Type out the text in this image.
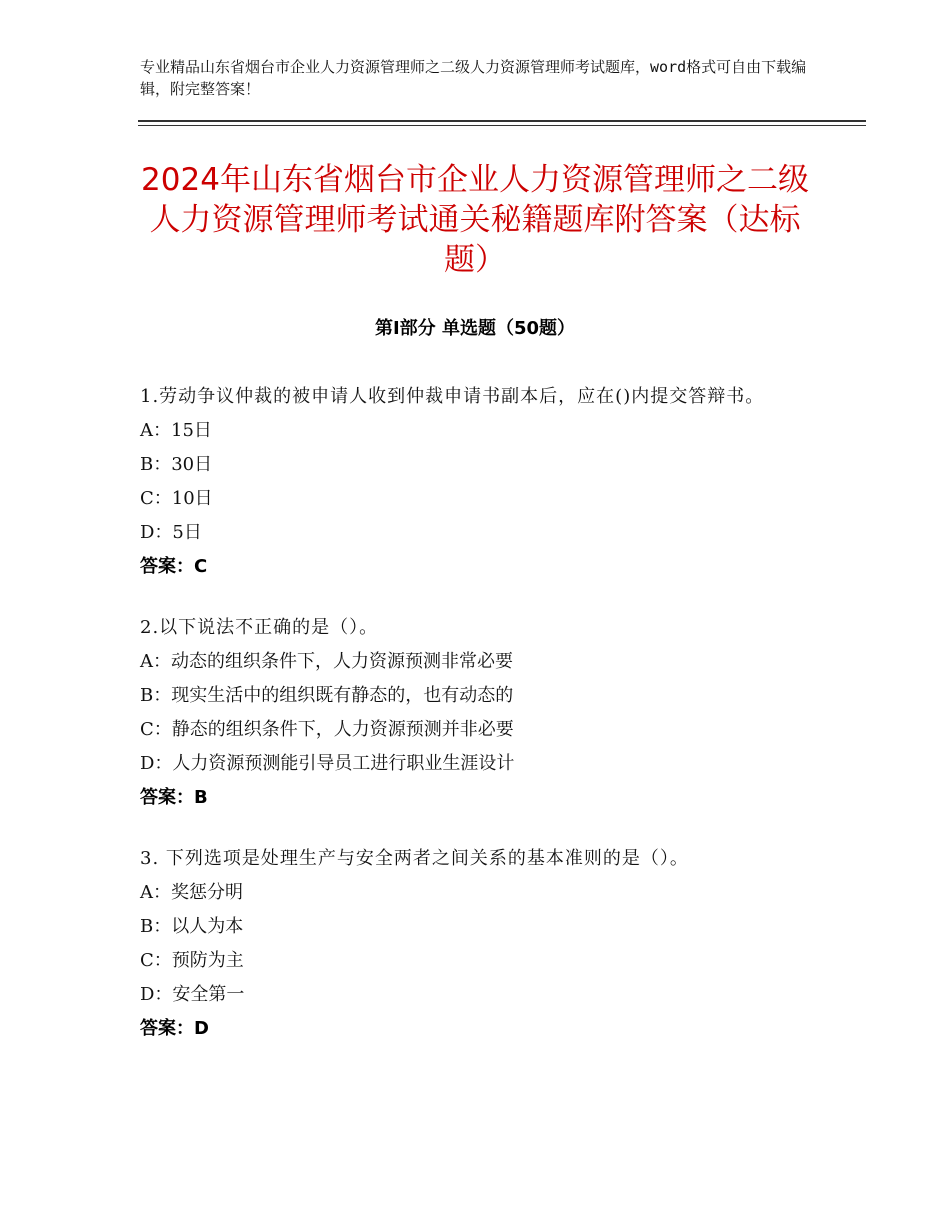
专业精品山东省烟台市企业人力资源管理师之二级人力资源管理师考试题库，word格式可自由下载编辑，附完整答案！
2024年山东省烟台市企业人力资源管理师之二级人力资源管理师考试通关秘籍题库附答案（达标题）
第Ⅰ部分 单选题（50题）

1.劳动争议仲裁的被申请人收到仲裁申请书副本后，应在()内提交答辩书。

A：15日

B：30日

C：10日

D：5日

答案：C

2.以下说法不正确的是（）。

A：动态的组织条件下，人力资源预测非常必要

B：现实生活中的组织既有静态的，也有动态的

C：静态的组织条件下，人力资源预测并非必要

D：人力资源预测能引导员工进行职业生涯设计

答案：B

3. 下列选项是处理生产与安全两者之间关系的基本准则的是（）。

A：奖惩分明

B：以人为本

C：预防为主

D：安全第一

答案：D
